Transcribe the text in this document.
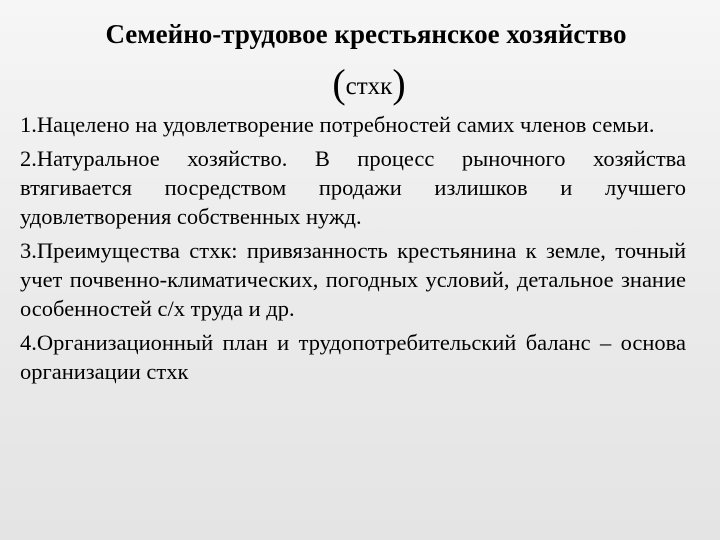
Семейно-трудовое крестьянское хозяйство
(стхк)

1.Нацелено на удовлетворение потребностей самих членов семьи.

2.Натуральное хозяйство. В процесс рыночного хозяйства втягивается посредством продажи излишков и лучшего удовлетворения собственных нужд.

3.Преимущества стхк: привязанность крестьянина к земле, точный учет почвенно-климатических, погодных условий, детальное знание особенностей с/х труда и др.

4.Организационный план и трудопотребительский баланс – основа организации стхк
